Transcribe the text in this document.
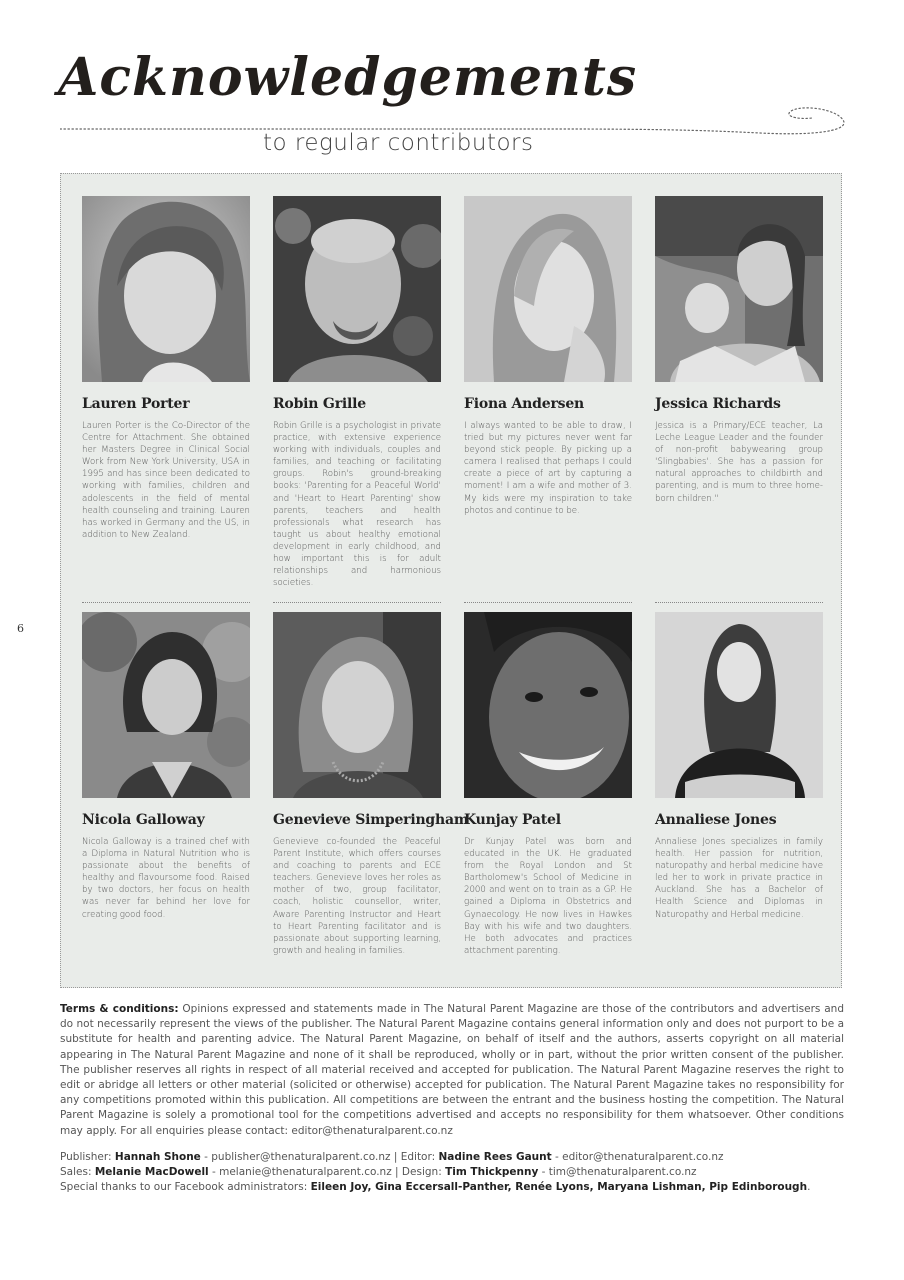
Acknowledgements
to regular contributors
6
Lauren Porter

Lauren Porter is the Co-Director of the Centre for Attachment. She obtained her Masters Degree in Clinical Social Work from New York University, USA in 1995 and has since been dedicated to working with families, children and adolescents in the field of mental health counseling and training. Lauren has worked in Germany and the US, in addition to New Zealand.

Robin Grille

Robin Grille is a psychologist in private practice, with extensive experience working with individuals, couples and families, and teaching or facilitating groups. Robin's ground-breaking books: 'Parenting for a Peaceful World' and 'Heart to Heart Parenting' show parents, teachers and health professionals what research has taught us about healthy emotional development in early childhood, and how important this is for adult relationships and harmonious societies.

Fiona Andersen

I always wanted to be able to draw, I tried but my pictures never went far beyond stick people. By picking up a camera I realised that perhaps I could create a piece of art by capturing a moment! I am a wife and mother of 3. My kids were my inspiration to take photos and continue to be.

Jessica Richards

Jessica is a Primary/ECE teacher, La Leche League Leader and the founder of non-profit babywearing group 'Slingbabies'. She has a passion for natural approaches to childbirth and parenting, and is mum to three home-born children."

Nicola Galloway

Nicola Galloway is a trained chef with a Diploma in Natural Nutrition who is passionate about the benefits of healthy and flavoursome food. Raised by two doctors, her focus on health was never far behind her love for creating good food.

Genevieve Simperingham

Genevieve co-founded the Peaceful Parent Institute, which offers courses and coaching to parents and ECE teachers. Genevieve loves her roles as mother of two, group facilitator, coach, holistic counsellor, writer, Aware Parenting Instructor and Heart to Heart Parenting facilitator and is passionate about supporting learning, growth and healing in families.

Kunjay Patel

Dr Kunjay Patel was born and educated in the UK. He graduated from the Royal London and St Bartholomew's School of Medicine in 2000 and went on to train as a GP. He gained a Diploma in Obstetrics and Gynaecology. He now lives in Hawkes Bay with his wife and two daughters. He both advocates and practices attachment parenting.

Annaliese Jones

Annaliese Jones specializes in family health. Her passion for nutrition, naturopathy and herbal medicine have led her to work in private practice in Auckland. She has a Bachelor of Health Science and Diplomas in Naturopathy and Herbal medicine.

Terms & conditions: Opinions expressed and statements made in The Natural Parent Magazine are those of the contributors and advertisers and do not necessarily represent the views of the publisher. The Natural Parent Magazine contains general information only and does not purport to be a substitute for health and parenting advice. The Natural Parent Magazine, on behalf of itself and the authors, asserts copyright on all material appearing in The Natural Parent Magazine and none of it shall be reproduced, wholly or in part, without the prior written consent of the publisher. The publisher reserves all rights in respect of all material received and accepted for publication. The Natural Parent Magazine reserves the right to edit or abridge all letters or other material (solicited or otherwise) accepted for publication. The Natural Parent Magazine takes no responsibility for any competitions promoted within this publication. All competitions are between the entrant and the business hosting the competition. The Natural Parent Magazine is solely a promotional tool for the competitions advertised and accepts no responsibility for them whatsoever. Other conditions may apply. For all enquiries please contact: editor@thenaturalparent.co.nz

Publisher: Hannah Shone - publisher@thenaturalparent.co.nz | Editor: Nadine Rees Gaunt - editor@thenaturalparent.co.nz

Sales: Melanie MacDowell - melanie@thenaturalparent.co.nz | Design: Tim Thickpenny - tim@thenaturalparent.co.nz

Special thanks to our Facebook administrators: Eileen Joy, Gina Eccersall-Panther, Renée Lyons, Maryana Lishman, Pip Edinborough.
